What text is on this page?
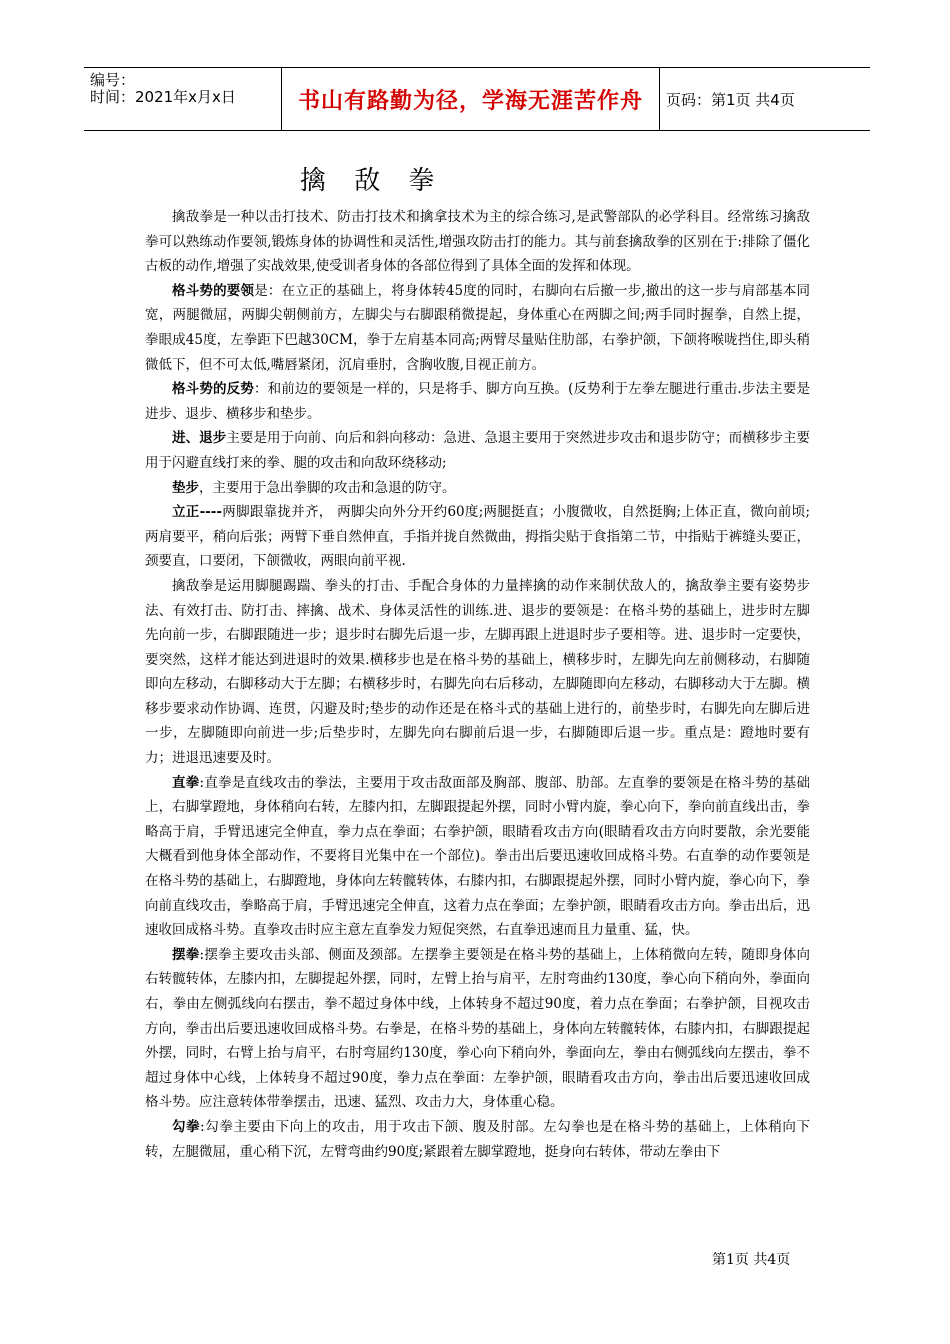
编号：
时间：2021年x月x日	书山有路勤为径，学海无涯苦作舟	页码：第1页 共4页
擒 敌 拳

擒敌拳是一种以击打技术、防击打技术和擒拿技术为主的综合练习,是武警部队的必学科目。经常练习擒敌拳可以熟练动作要领,锻炼身体的协调性和灵活性,增强攻防击打的能力。其与前套擒敌拳的区别在于:排除了僵化古板的动作,增强了实战效果,使受训者身体的各部位得到了具体全面的发挥和体现。

格斗势的要领是：在立正的基础上，将身体转45度的同时，右脚向右后撤一步,撤出的这一步与肩部基本同宽，两腿微屈，两脚尖朝侧前方，左脚尖与右脚跟稍微提起，身体重心在两脚之间;两手同时握拳，自然上提，拳眼成45度，左拳距下巴越30CM，拳于左肩基本同高;两臂尽量贴住肋部，右拳护颌，下颌将喉咙挡住,即头稍微低下，但不可太低,嘴唇紧闭，沉肩垂肘，含胸收腹,目视正前方。

格斗势的反势：和前边的要领是一样的，只是将手、脚方向互换。(反势利于左拳左腿进行重击.步法主要是进步、退步、横移步和垫步。

进、退步主要是用于向前、向后和斜向移动：急进、急退主要用于突然进步攻击和退步防守；而横移步主要用于闪避直线打来的拳、腿的攻击和向敌环绕移动;

垫步，主要用于急出拳脚的攻击和急退的防守。

立正----两脚跟靠拢并齐， 两脚尖向外分开约60度;两腿挺直；小腹微收，自然挺胸;上体正直，微向前顷;两肩要平，稍向后张；两臂下垂自然伸直，手指并拢自然微曲，拇指尖贴于食指第二节，中指贴于裤缝头要正，颈要直，口要闭，下颌微收，两眼向前平视.

擒敌拳是运用脚腿踢踹、拳头的打击、手配合身体的力量摔擒的动作来制伏敌人的，擒敌拳主要有姿势步法、有效打击、防打击、摔擒、战术、身体灵活性的训练.进、退步的要领是：在格斗势的基础上，进步时左脚先向前一步，右脚跟随进一步；退步时右脚先后退一步，左脚再跟上进退时步子要相等。进、退步时一定要快，要突然，这样才能达到进退时的效果.横移步也是在格斗势的基础上，横移步时，左脚先向左前侧移动，右脚随即向左移动，右脚移动大于左脚；右横移步时，右脚先向右后移动，左脚随即向左移动，右脚移动大于左脚。横移步要求动作协调、连贯，闪避及时;垫步的动作还是在格斗式的基础上进行的，前垫步时，右脚先向左脚后进一步，左脚随即向前进一步;后垫步时，左脚先向右脚前后退一步，右脚随即后退一步。重点是：蹬地时要有力；进退迅速要及时。

直拳:直拳是直线攻击的拳法，主要用于攻击敌面部及胸部、腹部、肋部。左直拳的要领是在格斗势的基础上，右脚掌蹬地，身体稍向右转，左膝内扣，左脚跟提起外摆，同时小臂内旋，拳心向下，拳向前直线出击，拳略高于肩，手臂迅速完全伸直，拳力点在拳面；右拳护颌，眼睛看攻击方向(眼睛看攻击方向时要散，余光要能大概看到他身体全部动作，不要将目光集中在一个部位)。拳击出后要迅速收回成格斗势。右直拳的动作要领是在格斗势的基础上，右脚蹬地，身体向左转髋转体，右膝内扣，右脚跟提起外摆，同时小臂内旋，拳心向下，拳向前直线攻击，拳略高于肩，手臂迅速完全伸直，这着力点在拳面；左拳护颌，眼睛看攻击方向。拳击出后，迅速收回成格斗势。直拳攻击时应主意左直拳发力短促突然，右直拳迅速而且力量重、猛，快。

摆拳:摆拳主要攻击头部、侧面及颈部。左摆拳主要领是在格斗势的基础上，上体稍微向左转，随即身体向右转髋转体，左膝内扣，左脚提起外摆，同时，左臂上抬与肩平，左肘弯曲约130度，拳心向下稍向外，拳面向右，拳由左侧弧线向右摆击，拳不超过身体中线，上体转身不超过90度，着力点在拳面；右拳护颌，目视攻击方向，拳击出后要迅速收回成格斗势。右拳是，在格斗势的基础上，身体向左转髋转体，右膝内扣，右脚跟提起外摆，同时，右臂上抬与肩平，右肘弯屈约130度，拳心向下稍向外，拳面向左，拳由右侧弧线向左摆击，拳不超过身体中心线，上体转身不超过90度，拳力点在拳面：左拳护颌，眼睛看攻击方向，拳击出后要迅速收回成格斗势。应注意转体带拳摆击，迅速、猛烈、攻击力大，身体重心稳。

勾拳:勾拳主要由下向上的攻击，用于攻击下颌、腹及肘部。左勾拳也是在格斗势的基础上，上体稍向下转，左腿微屈，重心稍下沉，左臂弯曲约90度;紧跟着左脚掌蹬地，挺身向右转体，带动左拳由下

第1页 共4页
